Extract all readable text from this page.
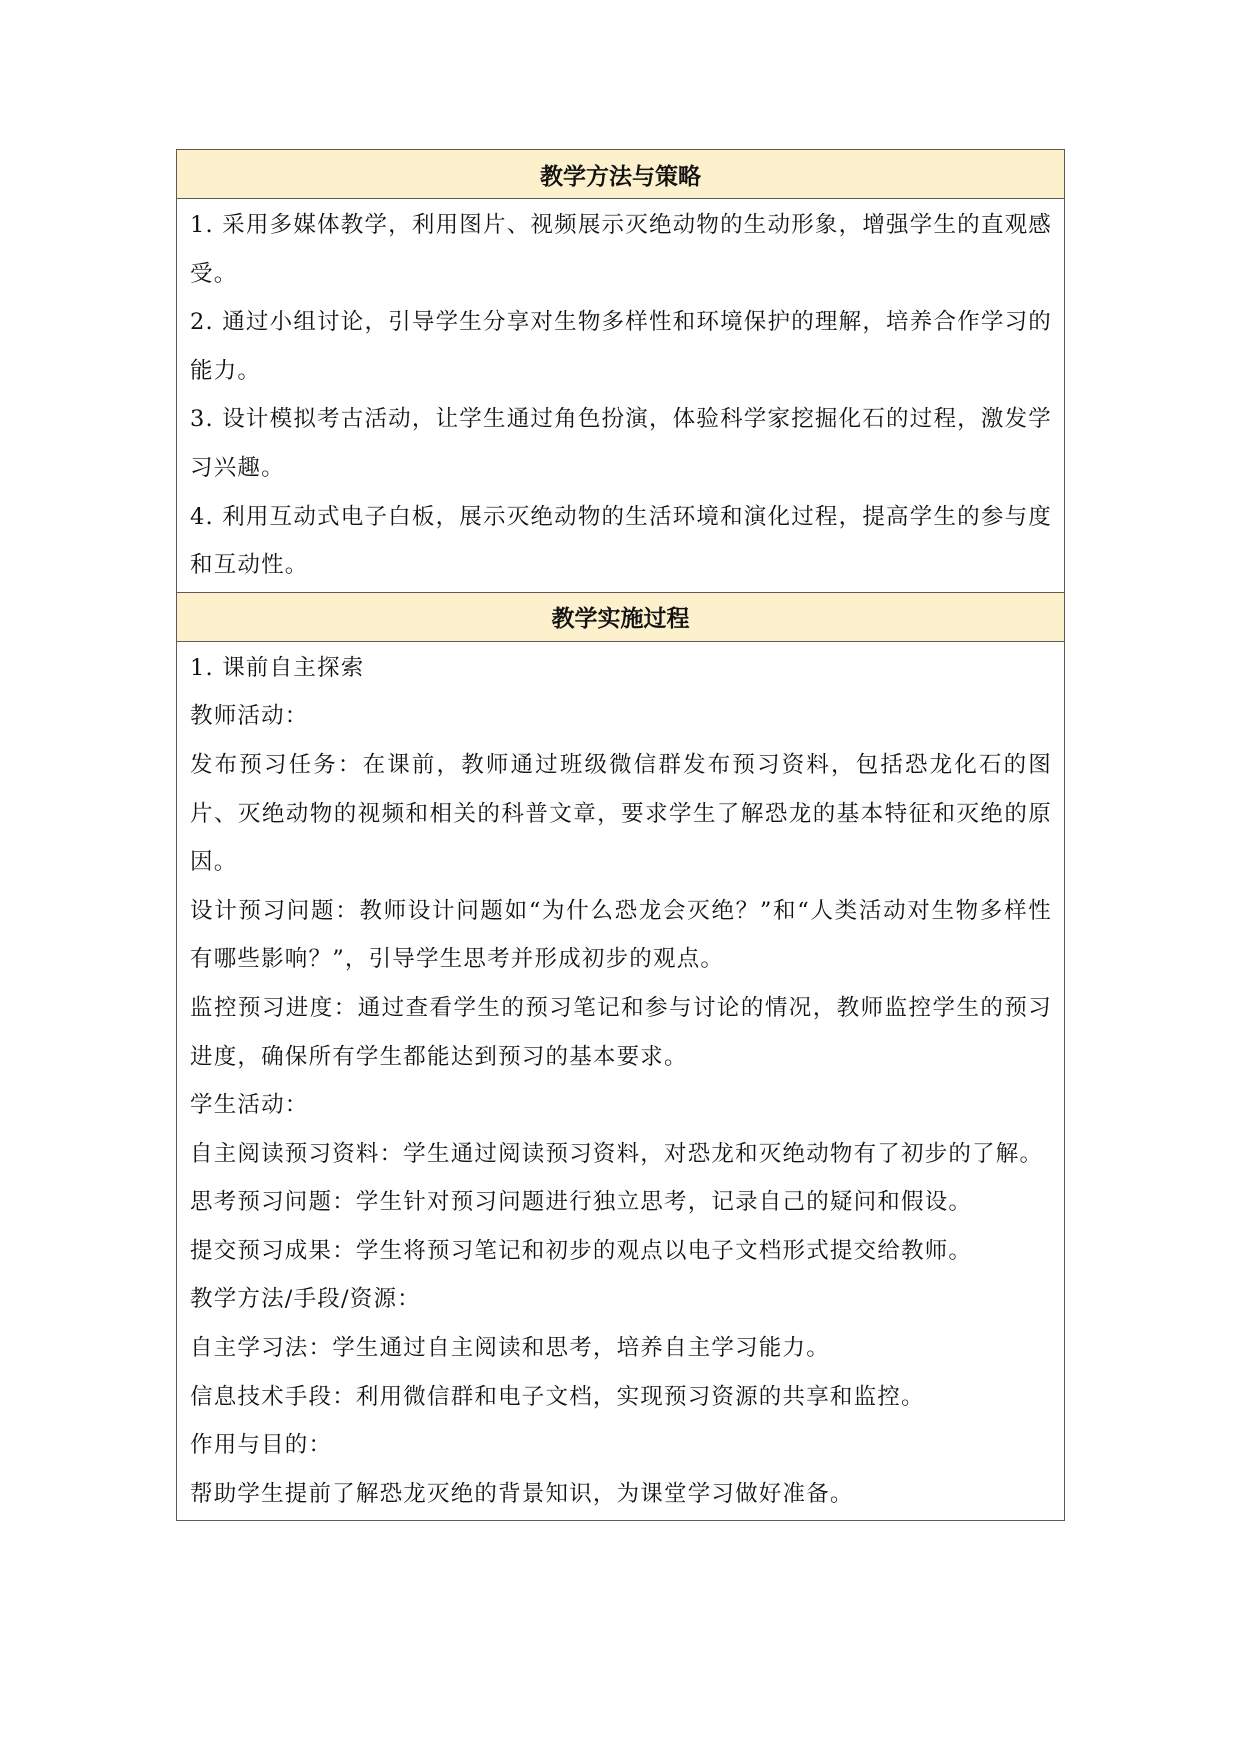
教学方法与策略

1. 采用多媒体教学，利用图片、视频展示灭绝动物的生动形象，增强学生的直观感受。

2. 通过小组讨论，引导学生分享对生物多样性和环境保护的理解，培养合作学习的能力。

3. 设计模拟考古活动，让学生通过角色扮演，体验科学家挖掘化石的过程，激发学习兴趣。

4. 利用互动式电子白板，展示灭绝动物的生活环境和演化过程，提高学生的参与度和互动性。

教学实施过程

1. 课前自主探索

教师活动：

发布预习任务：在课前，教师通过班级微信群发布预习资料，包括恐龙化石的图片、灭绝动物的视频和相关的科普文章，要求学生了解恐龙的基本特征和灭绝的原因。

设计预习问题：教师设计问题如“为什么恐龙会灭绝？”和“人类活动对生物多样性有哪些影响？”，引导学生思考并形成初步的观点。

监控预习进度：通过查看学生的预习笔记和参与讨论的情况，教师监控学生的预习进度，确保所有学生都能达到预习的基本要求。

学生活动：

自主阅读预习资料：学生通过阅读预习资料，对恐龙和灭绝动物有了初步的了解。

思考预习问题：学生针对预习问题进行独立思考，记录自己的疑问和假设。

提交预习成果：学生将预习笔记和初步的观点以电子文档形式提交给教师。

教学方法/手段/资源：

自主学习法：学生通过自主阅读和思考，培养自主学习能力。

信息技术手段：利用微信群和电子文档，实现预习资源的共享和监控。

作用与目的：

帮助学生提前了解恐龙灭绝的背景知识，为课堂学习做好准备。
